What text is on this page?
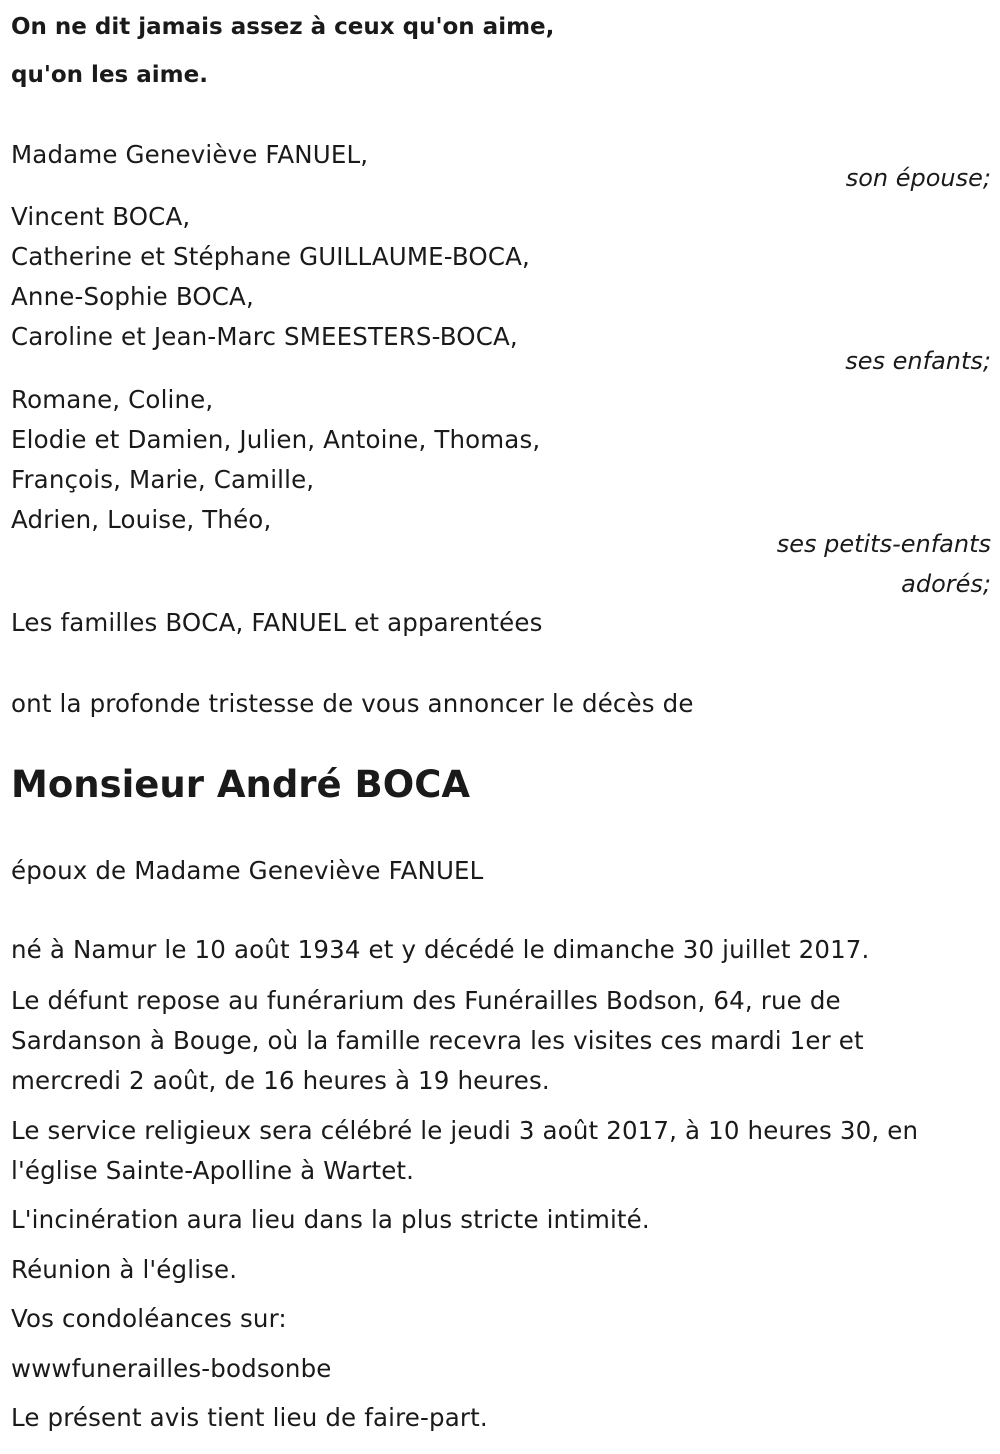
On ne dit jamais assez à ceux qu'on aime,
qu'on les aime.
Madame Geneviève FANUEL,
son épouse;
Vincent BOCA,
Catherine et Stéphane GUILLAUME-BOCA,
Anne-Sophie BOCA,
Caroline et Jean-Marc SMEESTERS-BOCA,
ses enfants;
Romane, Coline,
Elodie et Damien, Julien, Antoine, Thomas,
François, Marie, Camille,
Adrien, Louise, Théo,
ses petits-enfants
adorés;
Les familles BOCA, FANUEL et apparentées
ont la profonde tristesse de vous annoncer le décès de
Monsieur André BOCA
époux de Madame Geneviève FANUEL
né à Namur le 10 août 1934 et y décédé le dimanche 30 juillet 2017.
Le défunt repose au funérarium des Funérailles Bodson, 64, rue de
Sardanson à Bouge, où la famille recevra les visites ces mardi 1er et
mercredi 2 août, de 16 heures à 19 heures.
Le service religieux sera célébré le jeudi 3 août 2017, à 10 heures 30, en
l'église Sainte-Apolline à Wartet.
L'incinération aura lieu dans la plus stricte intimité.
Réunion à l'église.
Vos condoléances sur:
wwwfunerailles-bodsonbe
Le présent avis tient lieu de faire-part.
